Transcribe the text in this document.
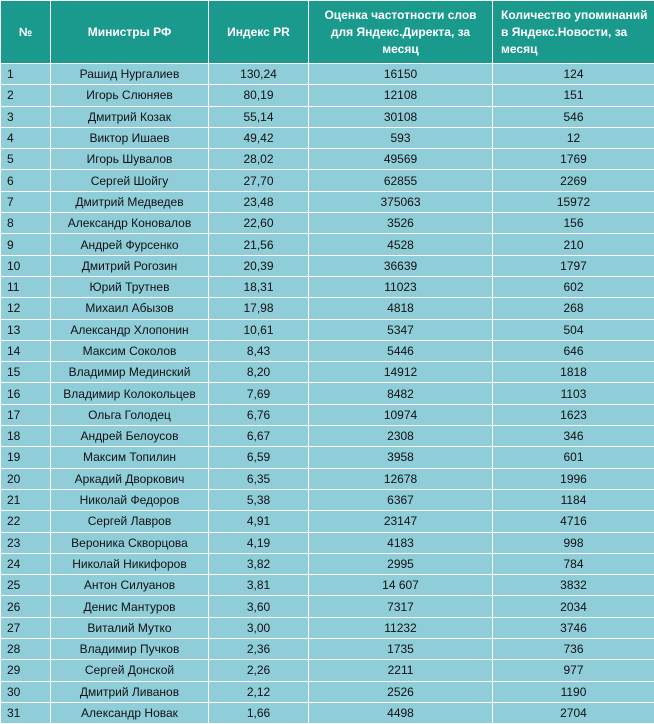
№	Министры РФ	Индекс PR	Оценка частотности слов для Яндекс.Директа, за месяц	Количество упоминаний в Яндекс.Новости, за месяц
1	Рашид Нургалиев	130,24	16150	124
2	Игорь Слюняев	80,19	12108	151
3	Дмитрий Козак	55,14	30108	546
4	Виктор Ишаев	49,42	593	12
5	Игорь Шувалов	28,02	49569	1769
6	Сергей Шойгу	27,70	62855	2269
7	Дмитрий Медведев	23,48	375063	15972
8	Александр Коновалов	22,60	3526	156
9	Андрей Фурсенко	21,56	4528	210
10	Дмитрий Рогозин	20,39	36639	1797
11	Юрий Трутнев	18,31	11023	602
12	Михаил Абызов	17,98	4818	268
13	Александр Хлопонин	10,61	5347	504
14	Максим Соколов	8,43	5446	646
15	Владимир Мединский	8,20	14912	1818
16	Владимир Колокольцев	7,69	8482	1103
17	Ольга Голодец	6,76	10974	1623
18	Андрей Белоусов	6,67	2308	346
19	Максим Топилин	6,59	3958	601
20	Аркадий Дворкович	6,35	12678	1996
21	Николай Федоров	5,38	6367	1184
22	Сергей Лавров	4,91	23147	4716
23	Вероника Скворцова	4,19	4183	998
24	Николай Никифоров	3,82	2995	784
25	Антон Силуанов	3,81	14 607	3832
26	Денис Мантуров	3,60	7317	2034
27	Виталий Мутко	3,00	11232	3746
28	Владимир Пучков	2,36	1735	736
29	Сергей Донской	2,26	2211	977
30	Дмитрий Ливанов	2,12	2526	1190
31	Александр Новак	1,66	4498	2704
